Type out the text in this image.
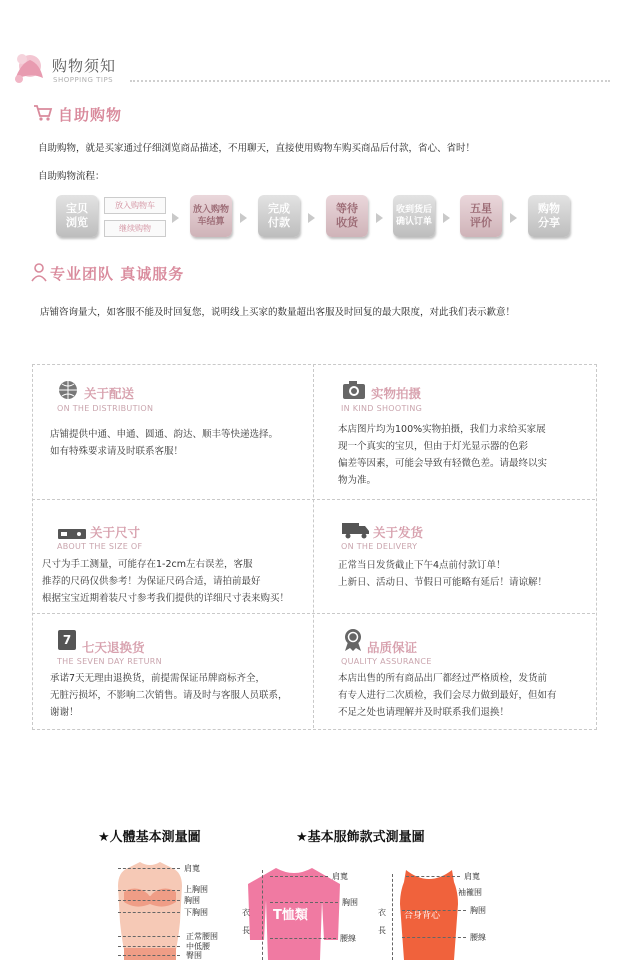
购物须知
SHOPPING TIPS
自助购物
自助购物，就是买家通过仔细浏览商品描述，不用聊天，直接使用购物车购买商品后付款，省心、省时！
自助购物流程：
宝贝
浏览
放入购物车
继续购物
放入购物
车结算
完成
付款
等待
收货
收到货后
确认订单
五星
评价
购物
分享
专业团队 真诚服务
店铺咨询量大，如客服不能及时回复您，说明线上买家的数量超出客服及时回复的最大限度，对此我们表示歉意！
关于配送
ON THE DISTRIBUTION
店铺提供中通、申通、圆通、韵达、顺丰等快递选择。
如有特殊要求请及时联系客服！
实物拍摄
IN KIND SHOOTING
本店图片均为100%实物拍摄，我们力求给买家展
现一个真实的宝贝，但由于灯光显示器的色彩
偏差等因素，可能会导致有轻微色差。请最终以实
物为准。
关于尺寸
ABOUT THE SIZE OF
尺寸为手工测量，可能存在1-2cm左右误差，客服
推荐的尺码仅供参考！为保证尺码合适，请拍前最好
根据宝宝近期着装尺寸参考我们提供的详细尺寸表来购买！
关于发货
ON THE DELIVERY
正常当日发货截止下午4点前付款订单！
上新日、活动日、节假日可能略有延后！请谅解！
7 七天退换货
THE SEVEN DAY RETURN
承诺7天无理由退换货，前提需保证吊牌商标齐全，
无脏污损坏，不影响二次销售。请及时与客服人员联系，
谢谢！
品质保证
QUALITY ASSURANCE
本店出售的所有商品出厂都经过严格质检，发货前
有专人进行二次质检，我们会尽力做到最好，但如有
不足之处也请理解并及时联系我们退换！
★人體基本測量圖	★基本服飾款式測量圖
肩寬
上胸围
胸围
下胸围
正常腰围
中低腰
臀围
T恤類
肩寬
胸围
腰線
衣
長
合身背心
肩寬
袖襱围
胸围
腰線
衣
長
